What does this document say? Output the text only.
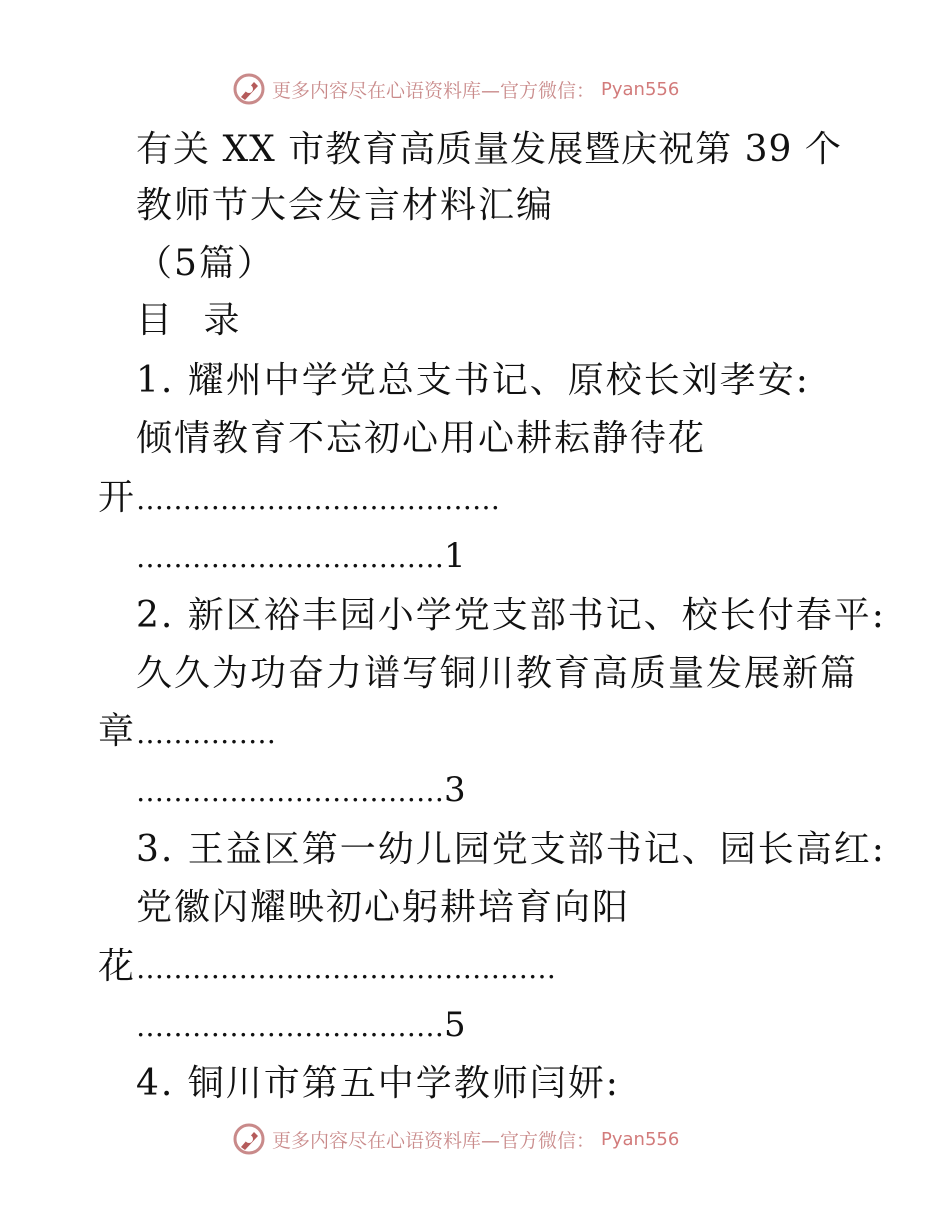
更多内容尽在心语资料库—官方微信： Pyan556
有关 XX 市教育高质量发展暨庆祝第 39 个
教师节大会发言材料汇编
（5篇）
目 录
1. 耀州中学党总支书记、原校长刘孝安:
倾情教育不忘初心用心耕耘静待花
开…………………………………
……………………………1
2. 新区裕丰园小学党支部书记、校长付春平:
久久为功奋力谱写铜川教育高质量发展新篇
章……………
……………………………3
3. 王益区第一幼儿园党支部书记、园长高红:
党徽闪耀映初心躬耕培育向阳
花………………………………………
……………………………5
4. 铜川市第五中学教师闫妍:
更多内容尽在心语资料库—官方微信： Pyan556
